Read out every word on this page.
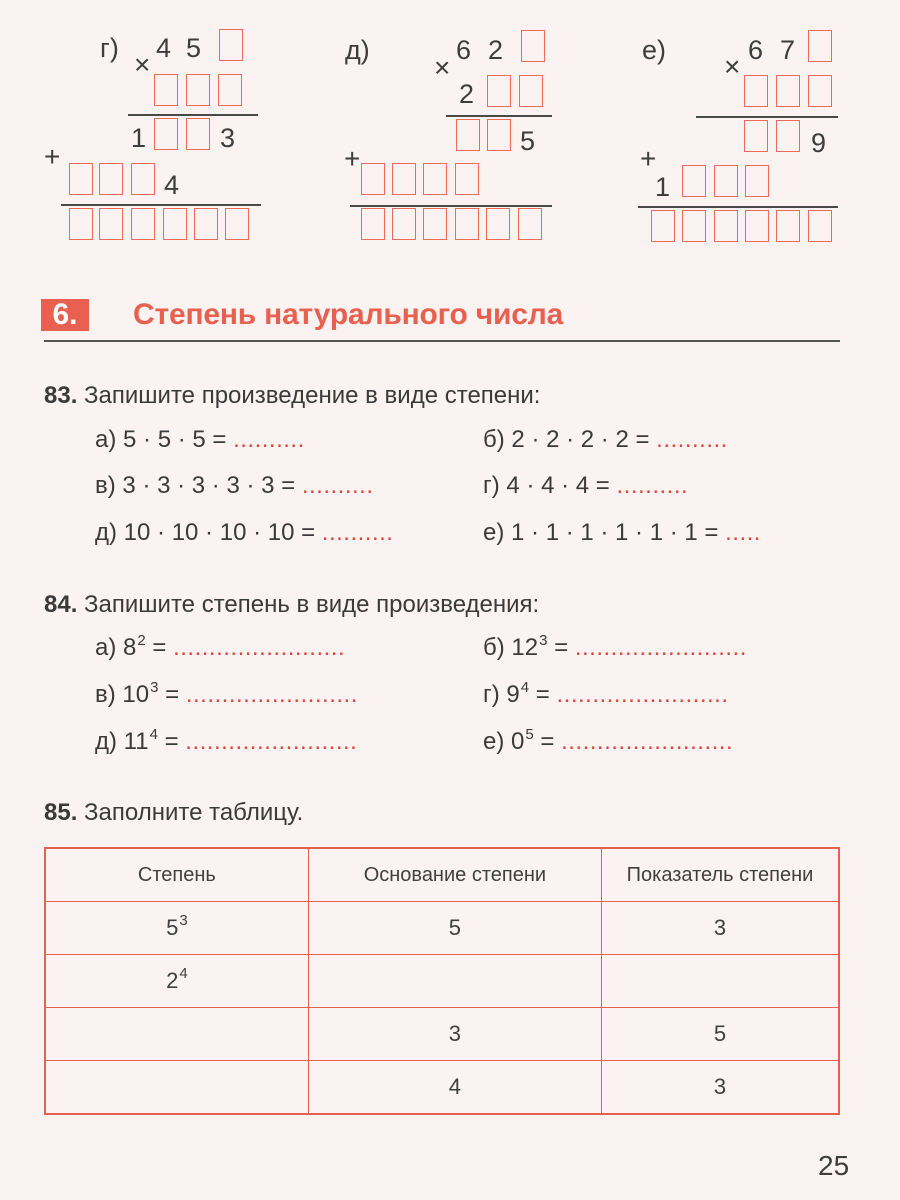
г)
×
4 5
1	3
+
4
д)
×
6 2
2
5
+
е)
×
6 7
9
+
1
6.	Степень натурального числа
83. Запишите произведение в виде степени:
а) 5 · 5 · 5 = ..........	б) 2 · 2 · 2 · 2 = ..........
в) 3 · 3 · 3 · 3 · 3 = ..........	г) 4 · 4 · 4 = ..........
д) 10 · 10 · 10 · 10 = ..........	е) 1 · 1 · 1 · 1 · 1 · 1 = .....
84. Запишите степень в виде произведения:
а) $8^2$ = ........................	б) $12^3$ = ........................
в) $10^3$ = ........................	г) $9^4$ = ........................
д) $11^4$ = ........................	е) $0^5$ = ........................
85. Заполните таблицу.
Степень	Основание степени	Показатель степени
$5^3$	5	3
$2^4$		
	3	5
	4	3
25
